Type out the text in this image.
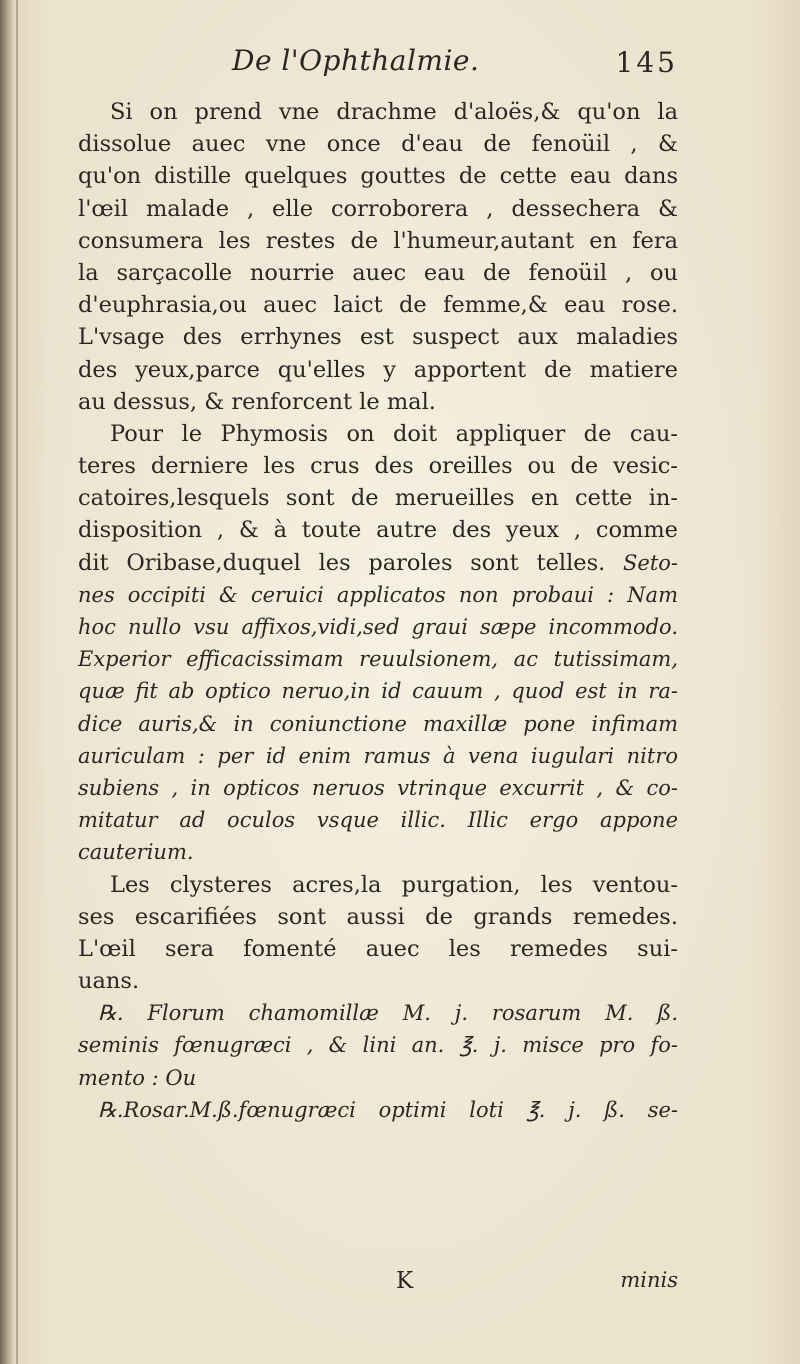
De l'Ophthalmie.	145
Si on prend vne drachme d'aloës,& qu'on la
dissolue auec vne once d'eau de fenoüil , &
qu'on distille quelques gouttes de cette eau dans
l'œil malade , elle corroborera , dessechera &
consumera les restes de l'humeur,autant en fera
la sarçacolle nourrie auec eau de fenoüil , ou
d'euphrasia,ou auec laict de femme,& eau rose.
L'vsage des errhynes est suspect aux maladies
des yeux,parce qu'elles y apportent de matiere
au dessus, & renforcent le mal.
Pour le Phymosis on doit appliquer de cau-
teres derniere les crus des oreilles ou de vesic-
catoires,lesquels sont de merueilles en cette in-
disposition , & à toute autre des yeux , comme
dit Oribase,duquel les paroles sont telles. Seto-
nes occipiti & ceruici applicatos non probaui : Nam
hoc nullo vsu affixos,vidi,sed graui sæpe incommodo.
Experior efficacissimam reuulsionem, ac tutissimam,
quæ fit ab optico neruo,in id cauum , quod est in ra-
dice auris,& in coniunctione maxillæ pone infimam
auriculam : per id enim ramus à vena iugulari nitro
subiens , in opticos neruos vtrinque excurrit , & co-
mitatur ad oculos vsque illic. Illic ergo appone
cauterium.
Les clysteres acres,la purgation, les ventou-
ses escarifiées sont aussi de grands remedes.
L'œil sera fomenté auec les remedes sui-
uans.
℞. Florum chamomillæ M. j. rosarum M. ß.
seminis fœnugræci , & lini an. ℥. j. misce pro fo-
mento : Ou
℞.Rosar.M.ß.fœnugræci optimi loti ℥. j. ß. se-
K	minis
